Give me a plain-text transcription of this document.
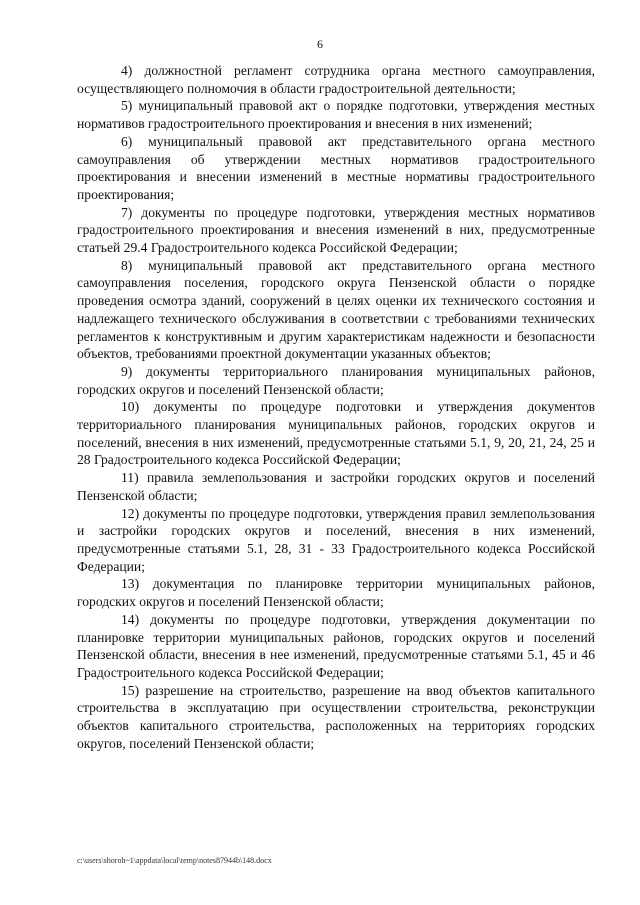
6

4) должностной регламент сотрудника органа местного самоуправления, осуществляющего полномочия в области градостроительной деятельности;

5) муниципальный правовой акт о порядке подготовки, утверждения местных нормативов градостроительного проектирования и внесения в них изменений;

6) муниципальный правовой акт представительного органа местного самоуправления об утверждении местных нормативов градостроительного проектирования и внесении изменений в местные нормативы градостроительного проектирования;

7) документы по процедуре подготовки, утверждения местных нормативов градостроительного проектирования и внесения изменений в них, предусмотренные статьей 29.4 Градостроительного кодекса Российской Федерации;

8) муниципальный правовой акт представительного органа местного самоуправления поселения, городского округа Пензенской области о порядке проведения осмотра зданий, сооружений в целях оценки их технического состояния и надлежащего технического обслуживания в соответствии с требованиями технических регламентов к конструктивным и другим характеристикам надежности и безопасности объектов, требованиями проектной документации указанных объектов;

9) документы территориального планирования муниципальных районов, городских округов и поселений Пензенской области;

10) документы по процедуре подготовки и утверждения документов территориального планирования муниципальных районов, городских округов и поселений, внесения в них изменений, предусмотренные статьями 5.1, 9, 20, 21, 24, 25 и 28 Градостроительного кодекса Российской Федерации;

11) правила землепользования и застройки городских округов и поселений Пензенской области;

12) документы по процедуре подготовки, утверждения правил землепользования и застройки городских округов и поселений, внесения в них изменений, предусмотренные статьями 5.1, 28, 31 - 33 Градостроительного кодекса Российской Федерации;

13) документация по планировке территории муниципальных районов, городских округов и поселений Пензенской области;

14) документы по процедуре подготовки, утверждения документации по планировке территории муниципальных районов, городских округов и поселений Пензенской области, внесения в нее изменений, предусмотренные статьями 5.1, 45 и 46 Градостроительного кодекса Российской Федерации;

15) разрешение на строительство, разрешение на ввод объектов капитального строительства в эксплуатацию при осуществлении строительства, реконструкции объектов капитального строительства, расположенных на территориях городских округов, поселений Пензенской области;

c:\users\shoroh~1\appdata\local\temp\notes87944b\148.docx
